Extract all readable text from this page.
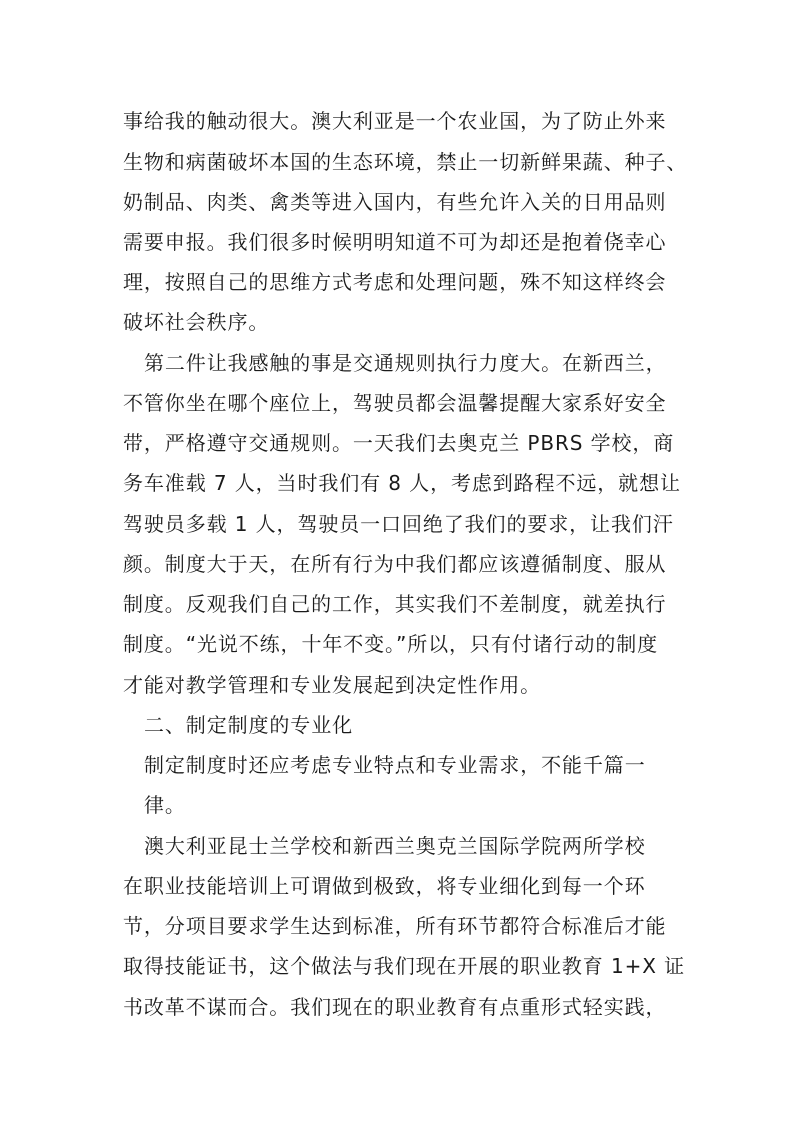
事给我的触动很大。澳大利亚是一个农业国，为了防止外来
生物和病菌破坏本国的生态环境，禁止一切新鲜果蔬、种子、
奶制品、肉类、禽类等进入国内，有些允许入关的日用品则
需要申报。我们很多时候明明知道不可为却还是抱着侥幸心
理，按照自己的思维方式考虑和处理问题，殊不知这样终会
破坏社会秩序。
第二件让我感触的事是交通规则执行力度大。在新西兰，
不管你坐在哪个座位上，驾驶员都会温馨提醒大家系好安全
带，严格遵守交通规则。一天我们去奥克兰 PBRS 学校，商
务车准载 7 人，当时我们有 8 人，考虑到路程不远，就想让
驾驶员多载 1 人，驾驶员一口回绝了我们的要求，让我们汗
颜。制度大于天，在所有行为中我们都应该遵循制度、服从
制度。反观我们自己的工作，其实我们不差制度，就差执行
制度。“光说不练，十年不变。”所以，只有付诸行动的制度
才能对教学管理和专业发展起到决定性作用。
二、制定制度的专业化
制定制度时还应考虑专业特点和专业需求，不能千篇一
律。
澳大利亚昆士兰学校和新西兰奥克兰国际学院两所学校
在职业技能培训上可谓做到极致，将专业细化到每一个环
节，分项目要求学生达到标准，所有环节都符合标准后才能
取得技能证书，这个做法与我们现在开展的职业教育 1+X 证
书改革不谋而合。我们现在的职业教育有点重形式轻实践，
